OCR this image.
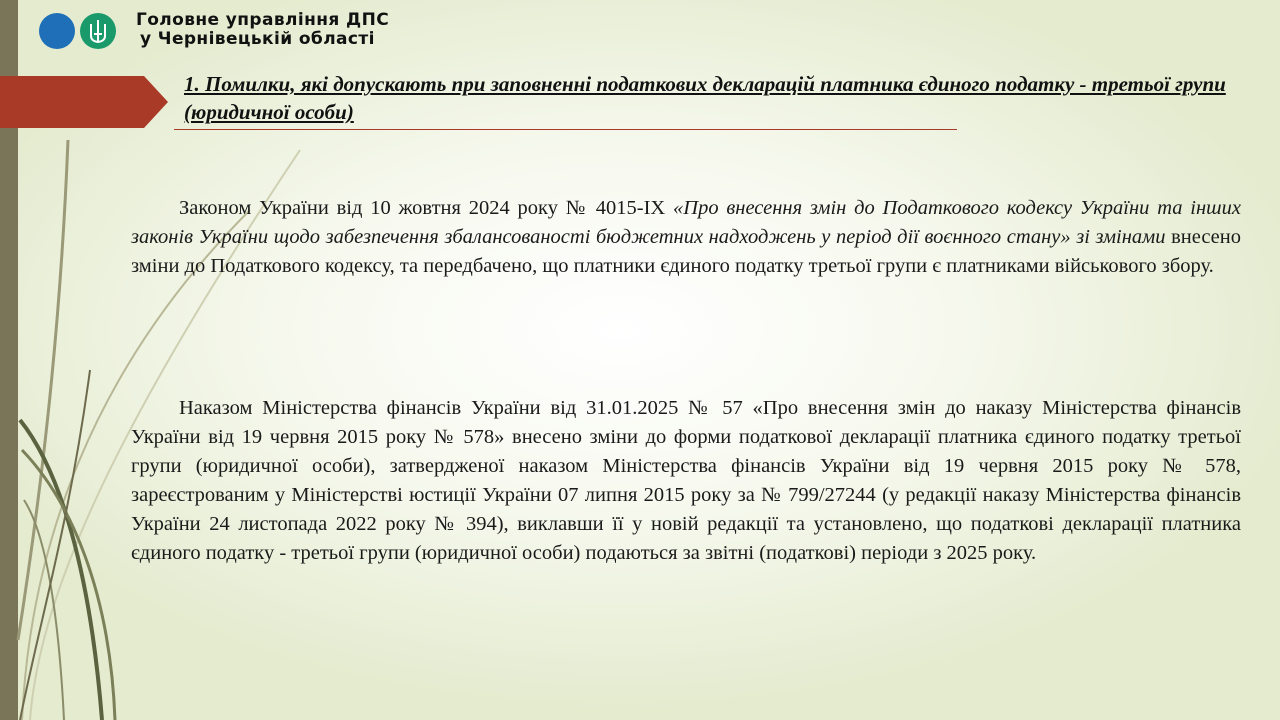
Головне управління ДПС
у Чернівецькій області
1. Помилки, які допускають при заповненні податкових декларацій платника єдиного податку - третьої групи (юридичної особи)

Законом України від 10 жовтня 2024 року № 4015-IX «Про внесення змін до Податкового кодексу України та інших законів України щодо забезпечення збалансованості бюджетних надходжень у період дії воєнного стану» зі змінами внесено зміни до Податкового кодексу, та передбачено, що платники єдиного податку третьої групи є платниками військового збору.

Наказом Міністерства фінансів України від 31.01.2025 № 57 «Про внесення змін до наказу Міністерства фінансів України від 19 червня 2015 року № 578» внесено зміни до форми податкової декларації платника єдиного податку третьої групи (юридичної особи), затвердженої наказом Міністерства фінансів України від 19 червня 2015 року № 578, зареєстрованим у Міністерстві юстиції України 07 липня 2015 року за № 799/27244 (у редакції наказу Міністерства фінансів України 24 листопада 2022 року № 394), виклавши її у новій редакції та установлено, що податкові декларації платника єдиного податку - третьої групи (юридичної особи) подаються за звітні (податкові) періоди з 2025 року.
